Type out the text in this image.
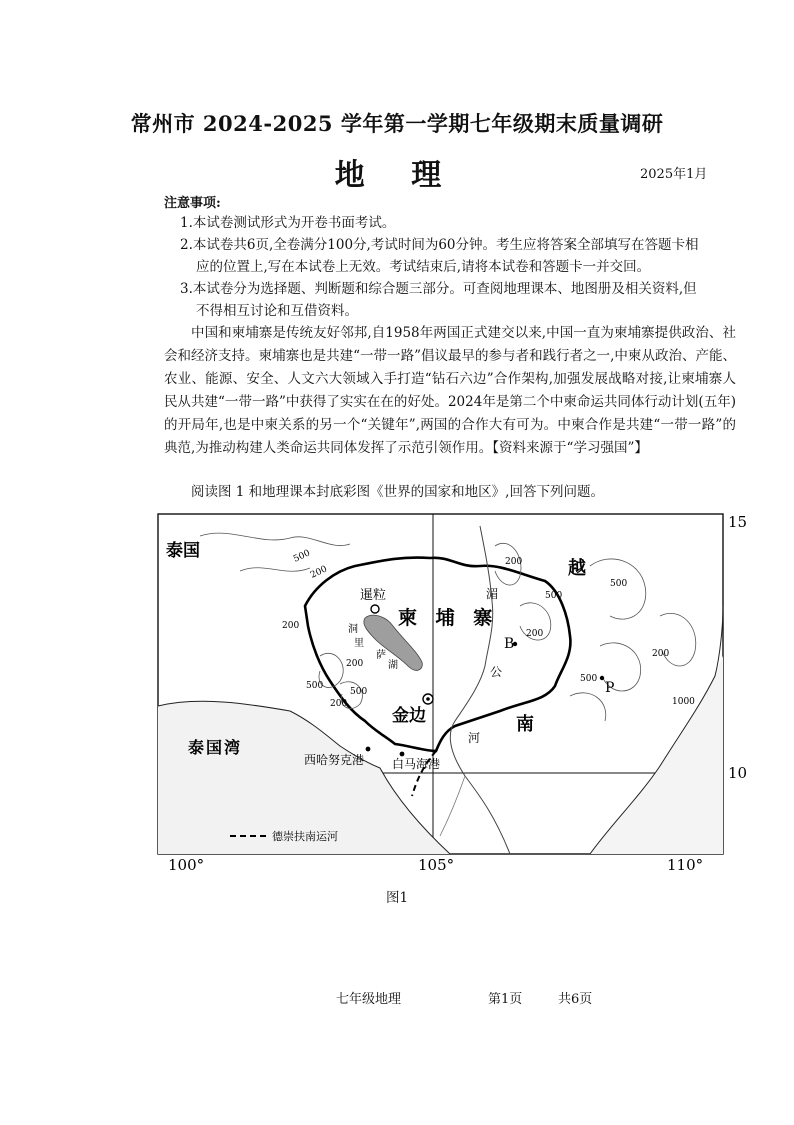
常州市 2024-2025 学年第一学期七年级期末质量调研
地 理	2025年1月
注意事项:
1.本试卷测试形式为开卷书面考试。
2.本试卷共6页,全卷满分100分,考试时间为60分钟。考生应将答案全部填写在答题卡相
应的位置上,写在本试卷上无效。考试结束后,请将本试卷和答题卡一并交回。
3.本试卷分为选择题、判断题和综合题三部分。可查阅地理课本、地图册及相关资料,但
不得相互讨论和互借资料。
中国和柬埔寨是传统友好邻邦,自1958年两国正式建交以来,中国一直为柬埔寨提供政治、社会和经济支持。柬埔寨也是共建“一带一路”倡议最早的参与者和践行者之一,中柬从政治、产能、农业、能源、安全、人文六大领域入手打造“钻石六边”合作架构,加强发展战略对接,让柬埔寨人民从共建“一带一路”中获得了实实在在的好处。2024年是第二个中柬命运共同体行动计划(五年)的开局年,也是中柬关系的另一个“关键年”,两国的合作大有可为。中柬合作是共建“一带一路”的典范,为推动构建人类命运共同体发挥了示范引领作用。【资料来源于“学习强国”】
阅读图 1 和地理课本封底彩图《世界的国家和地区》,回答下列问题。
500
200
200
500
200
500
200
200
500
200
500
500
200
1000
泰国
柬 埔 寨
越
南
暹粒
洞
里
萨
湖
湄
公
河
金边
泰国湾
西哈努克港 白马海港
B
P
德崇扶南运河
15
10
100°	105°	110°
图1
七年级地理	第1页	共6页
